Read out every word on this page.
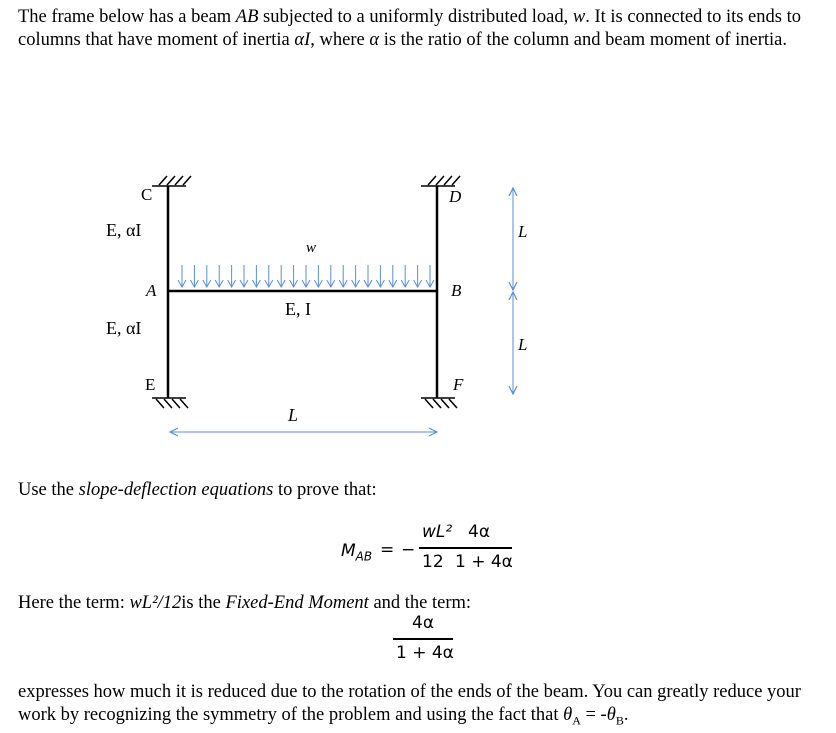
The frame below has a beam AB subjected to a uniformly distributed load, w. It is connected to its ends to columns that have moment of inertia αI, where α is the ratio of the column and beam moment of inertia.

C	D
A	B
E	F
E, αI
E, αI
E, I
w
L
L
L

Use the slope-deflection equations to prove that:

$M_{AB}$ = −
wL²
12
4α
1 + 4α

Here the term: wL²/12is the Fixed-End Moment and the term:

4α
1 + 4α

expresses how much it is reduced due to the rotation of the ends of the beam. You can greatly reduce your work by recognizing the symmetry of the problem and using the fact that $\theta_A = -\theta_B$.
